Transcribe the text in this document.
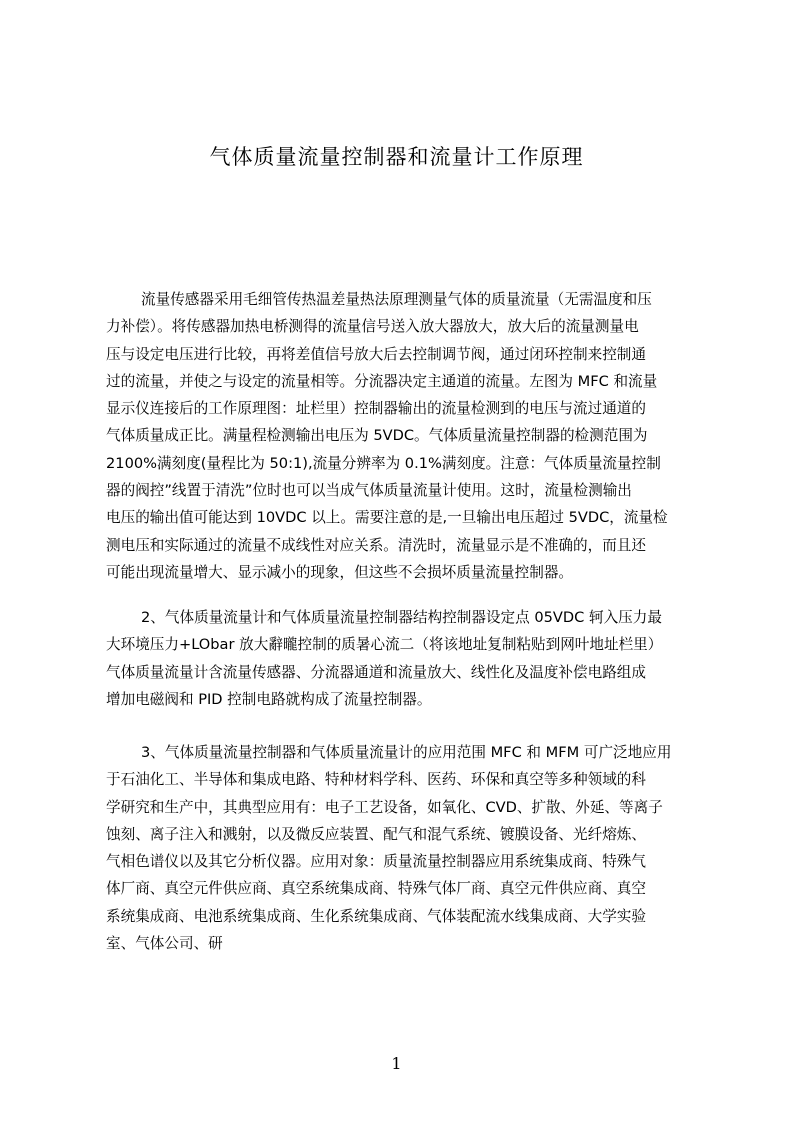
气体质量流量控制器和流量计工作原理
流量传感器采用毛细管传热温差量热法原理测量气体的质量流量（无需温度和压
力补偿）。将传感器加热电桥测得的流量信号送入放大器放大，放大后的流量测量电
压与设定电压进行比较，再将差值信号放大后去控制调节阀，通过闭环控制来控制通
过的流量，并使之与设定的流量相等。分流器决定主通道的流量。左图为 MFC 和流量
显示仪连接后的工作原理图：址栏里）控制器输出的流量检测到的电压与流过通道的
气体质量成正比。满量程检测输出电压为 5VDC。气体质量流量控制器的检测范围为
2100%满刻度(量程比为 50:1),流量分辨率为 0.1%满刻度。注意：气体质量流量控制
器的阀控”线置于清洗”位时也可以当成气体质量流量计使用。这时，流量检测输出
电压的输出值可能达到 10VDC 以上。需要注意的是,一旦输出电压超过 5VDC，流量检
测电压和实际通过的流量不成线性对应关系。清洗时，流量显示是不准确的，而且还
可能出现流量增大、显示减小的现象，但这些不会损坏质量流量控制器。
2、气体质量流量计和气体质量流量控制器结构控制器设定点 05VDC 轲入压力最
大环境压力+LObar 放大辭曨控制的质暑心流二（将该地址复制粘贴到网叶地址栏里）
气体质量流量计含流量传感器、分流器通道和流量放大、线性化及温度补偿电路组成
增加电磁阀和 PID 控制电路就构成了流量控制器。
3、气体质量流量控制器和气体质量流量计的应用范围 MFC 和 MFM 可广泛地应用
于石油化工、半导体和集成电路、特种材料学科、医药、环保和真空等多种领域的科
学研究和生产中，其典型应用有：电子工艺设备，如氧化、CVD、扩散、外延、等离子
蚀刻、离子注入和溅射，以及微反应装置、配气和混气系统、镀膜设备、光纤熔炼、
气相色谱仪以及其它分析仪器。应用对象：质量流量控制器应用系统集成商、特殊气
体厂商、真空元件供应商、真空系统集成商、特殊气体厂商、真空元件供应商、真空
系统集成商、电池系统集成商、生化系统集成商、气体装配流水线集成商、大学实验
室、气体公司、研
1
